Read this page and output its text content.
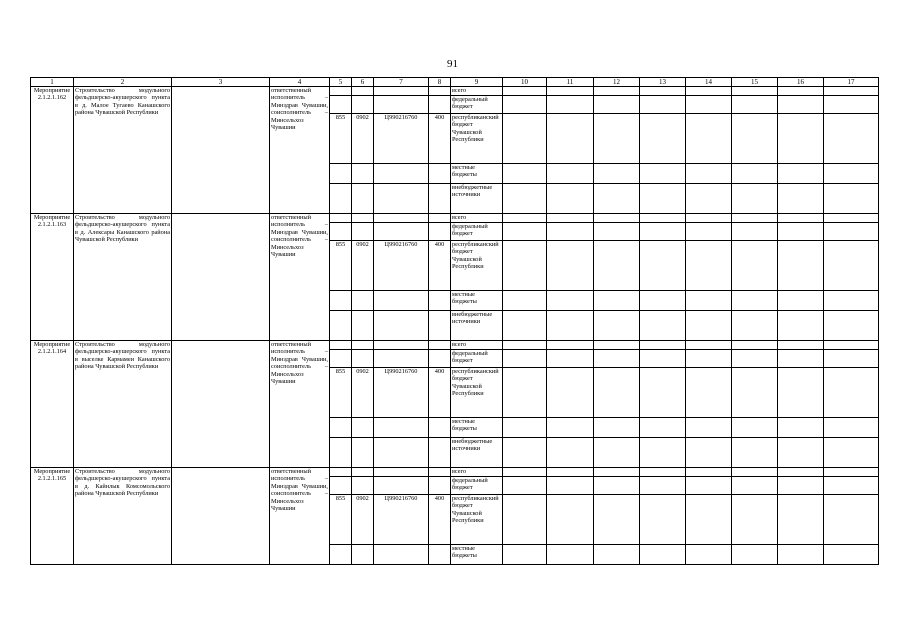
91
1	2	3	4	5	6	7	8	9	10	11	12	13	14	15	16	17
Мероприятие 2.1.2.1.162	Строительство модульного фельдшерско-акушерского пункта в д. Малое Тугаево Канашского района Чувашской Республики		ответственный исполнитель – Минздрав Чувашии, соисполнитель – Минсельхоз Чувашии					всего								
								федеральный бюджет								
				855	0902	Ц990216760	400	республиканский бюджет Чувашской Республики								
								местные бюджеты								
								внебюджетные источники								
Мероприятие 2.1.2.1.163	Строительство модульного фельдшерско-акушерского пункта в д. Алексары Канашского района Чувашской Республики		ответственный исполнитель – Минздрав Чувашии, соисполнитель – Минсельхоз Чувашии					всего								
								федеральный бюджет								
				855	0902	Ц990216760	400	республиканский бюджет Чувашской Республики								
								местные бюджеты								
								внебюджетные источники								
Мероприятие 2.1.2.1.164	Строительство модульного фельдшерско-акушерского пункта в выселке Кармамеи Канашского района Чувашской Республики		ответственный исполнитель – Минздрав Чувашии, соисполнитель – Минсельхоз Чувашии					всего								
								федеральный бюджет								
				855	0902	Ц990216760	400	республиканский бюджет Чувашской Республики								
								местные бюджеты								
								внебюджетные источники								
Мероприятие 2.1.2.1.165	Строительство модульного фельдшерско-акушерского пункта в д. Кайнлык Комсомольского района Чувашской Республики		ответственный исполнитель – Минздрав Чувашии, соисполнитель – Минсельхоз Чувашии					всего								
								федеральный бюджет								
				855	0902	Ц990216760	400	республиканский бюджет Чувашской Республики								
								местные бюджеты								
